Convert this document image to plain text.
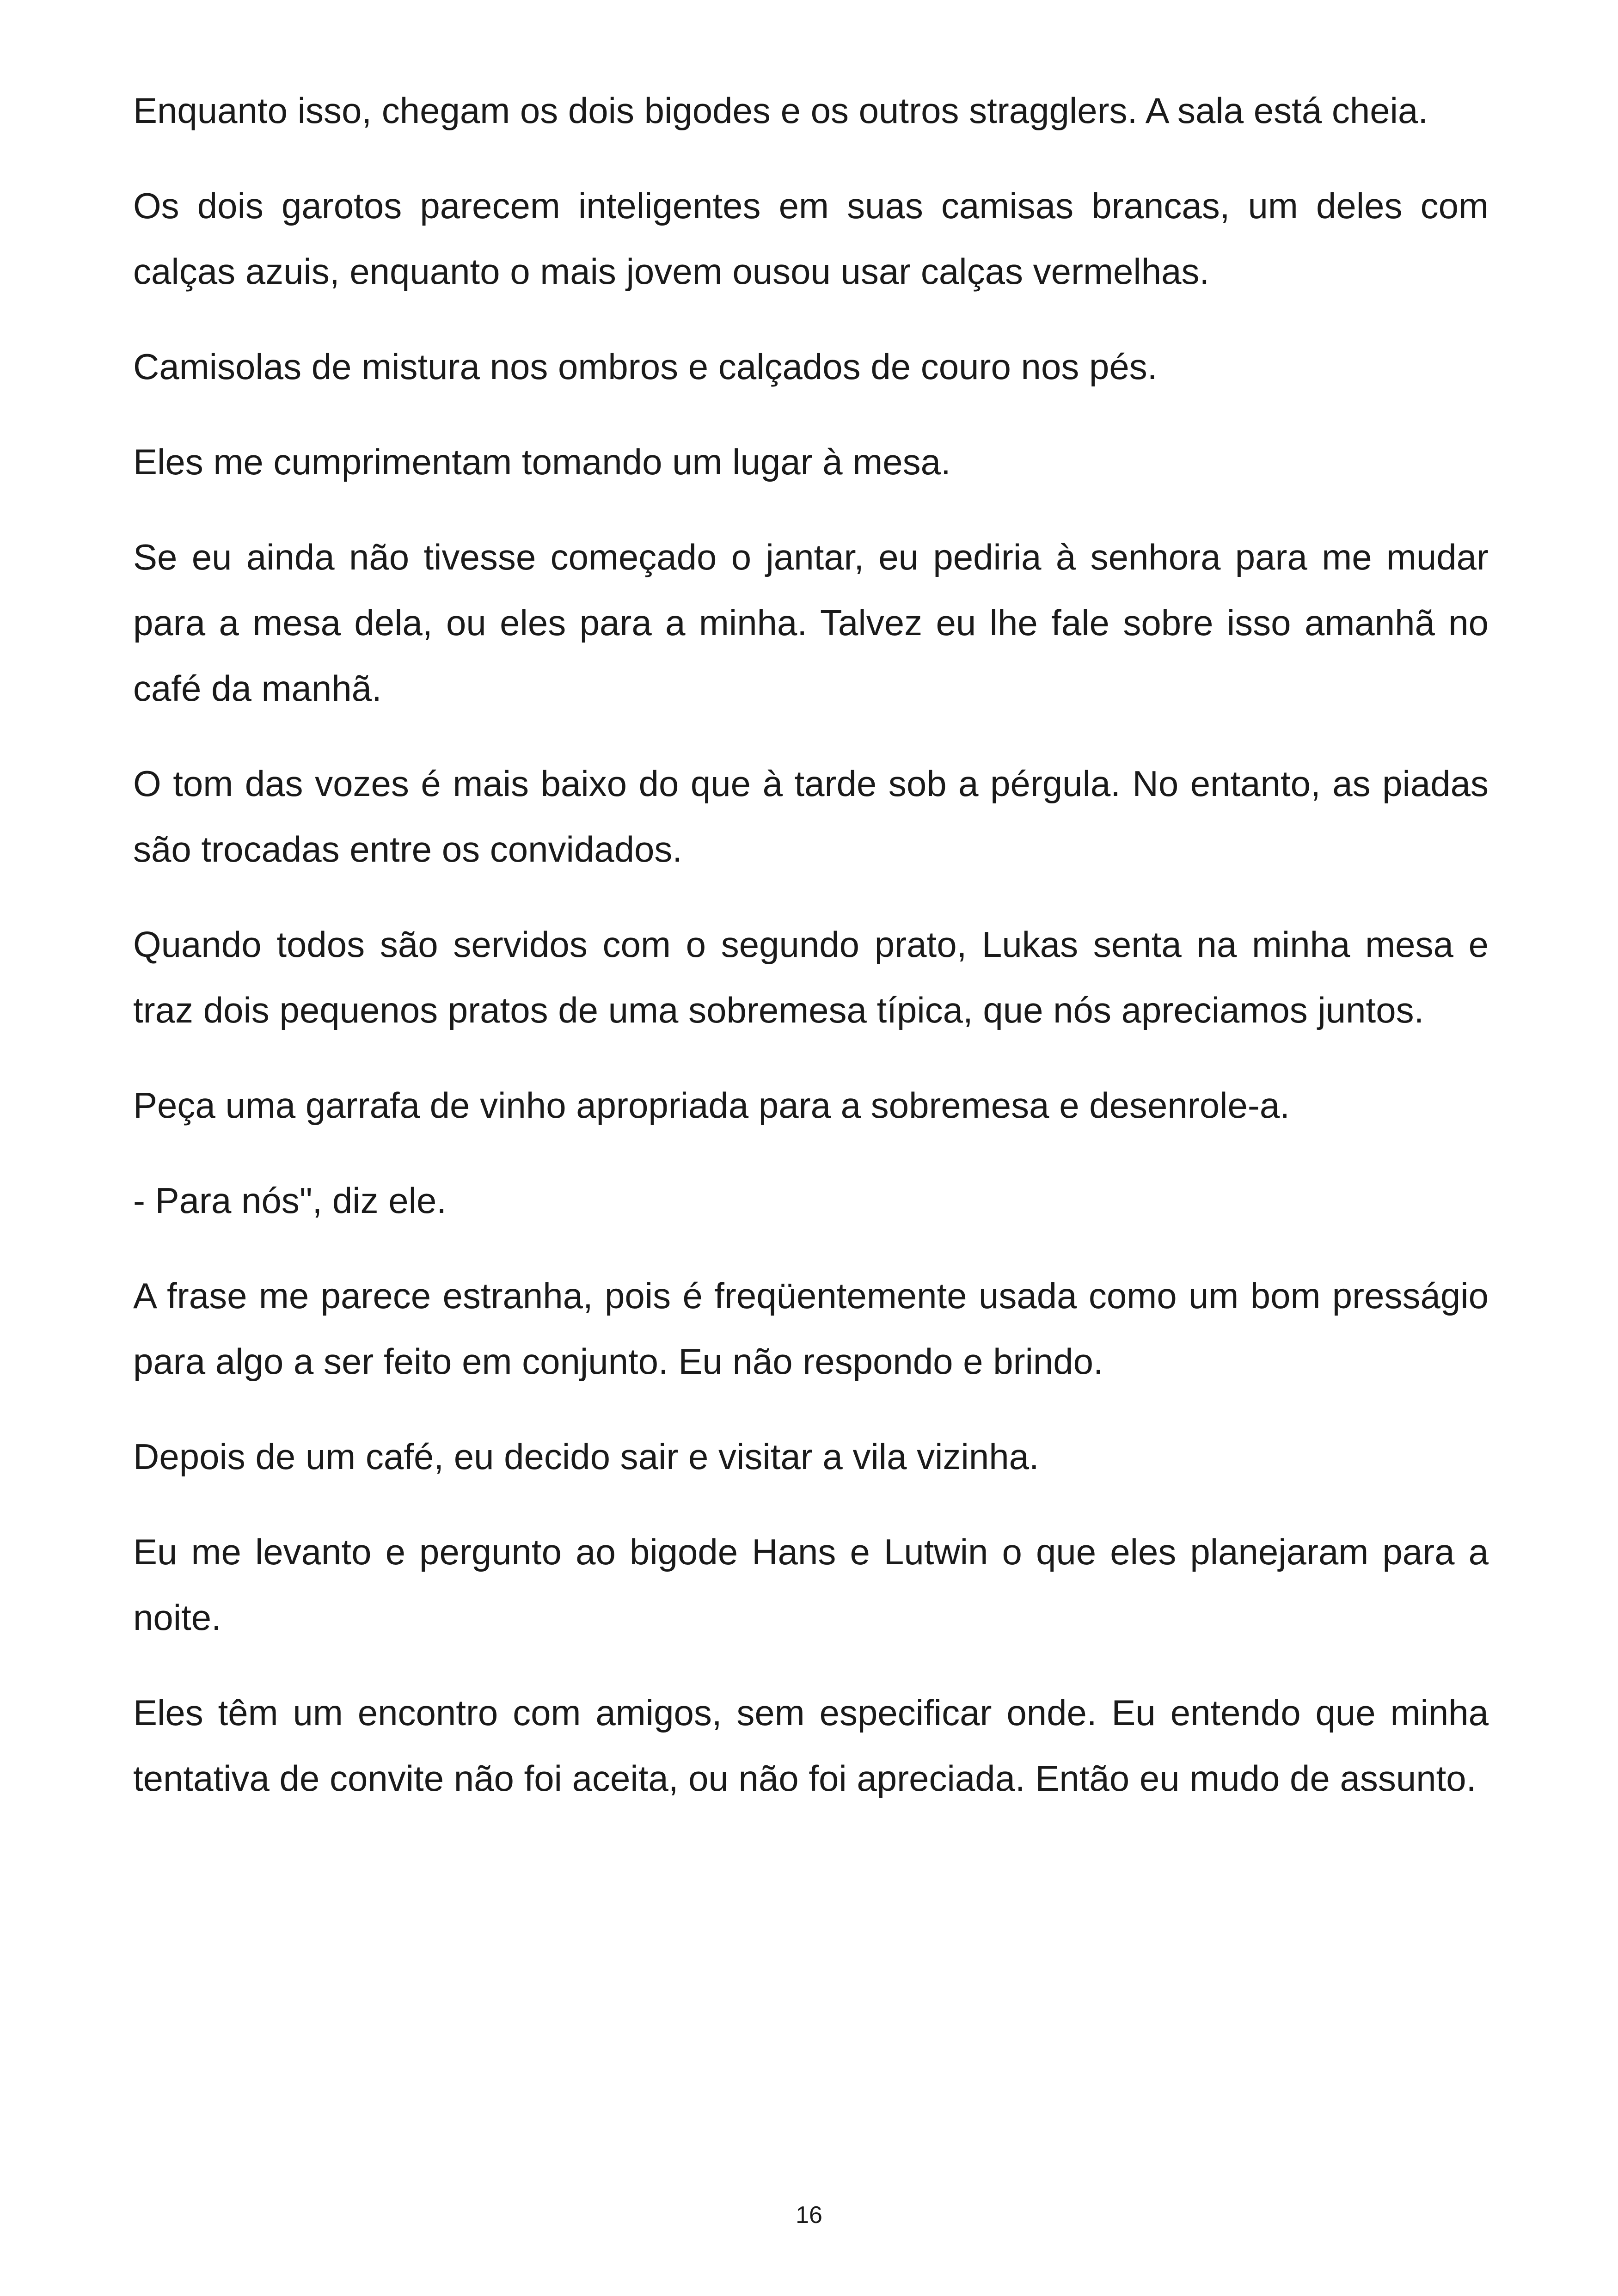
Enquanto isso, chegam os dois bigodes e os outros stragglers. A sala está cheia.

Os dois garotos parecem inteligentes em suas camisas brancas, um deles com calças azuis, enquanto o mais jovem ousou usar calças vermelhas.

Camisolas de mistura nos ombros e calçados de couro nos pés.

Eles me cumprimentam tomando um lugar à mesa.

Se eu ainda não tivesse começado o jantar, eu pediria à senhora para me mudar para a mesa dela, ou eles para a minha. Talvez eu lhe fale sobre isso amanhã no café da manhã.

O tom das vozes é mais baixo do que à tarde sob a pérgula. No entanto, as piadas são trocadas entre os convidados.

Quando todos são servidos com o segundo prato, Lukas senta na minha mesa e traz dois pequenos pratos de uma sobremesa típica, que nós apreciamos juntos.

Peça uma garrafa de vinho apropriada para a sobremesa e desenrole-a.

- Para nós", diz ele.

A frase me parece estranha, pois é freqüentemente usada como um bom presságio para algo a ser feito em conjunto. Eu não respondo e brindo.

Depois de um café, eu decido sair e visitar a vila vizinha.

Eu me levanto e pergunto ao bigode Hans e Lutwin o que eles planejaram para a noite.

Eles têm um encontro com amigos, sem especificar onde. Eu entendo que minha tentativa de convite não foi aceita, ou não foi apreciada. Então eu mudo de assunto.

16
